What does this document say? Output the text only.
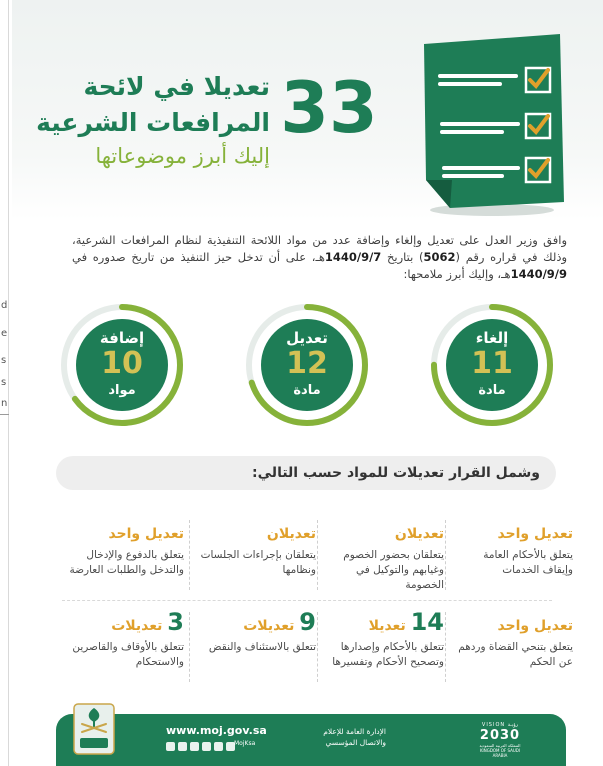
d
e
s
s
n
33
تعديلا في لائحة
المرافعات الشرعية
إليك أبرز موضوعاتها

وافق وزير العدل على تعديل وإلغاء وإضافة عدد من مواد اللائحة التنفيذية لنظام المرافعات الشرعية، وذلك في قراره رقم (5062) بتاريخ 1440/9/7هـ، على أن تدخل حيز التنفيذ من تاريخ صدوره في 1440/9/9هـ، وإليك أبرز ملامحها:

إلغاء
11
مادة
تعديل
12
مادة
إضافة
10
مواد
وشمل القرار تعديلات للمواد حسب التالي:
تعديل واحد
يتعلق بالأحكام العامة وإيقاف الخدمات
تعديلان
يتعلقان بحضور الخصوم وغيابهم والتوكيل في الخصومة
تعديلان
يتعلقان بإجراءات الجلسات ونظامها
تعديل واحد
يتعلق بالدفوع والإدخال والتدخل والطلبات العارضة
تعديل واحد
يتعلق بتنحي القضاة وردهم عن الحكم
14 تعديلا
تتعلق بالأحكام وإصدارها وتصحيح الأحكام وتفسيرها
9 تعديلات
تتعلق بالاستئناف والنقض
3 تعديلات
تتعلق بالأوقاف والقاصرين والاستحكام
www.moj.gov.sa
MojKsa
الإدارة العامة للإعلام والاتصال المؤسسي
VISION رؤيـة
2030
المملكة العربية السعودية KINGDOM OF SAUDI ARABIA
